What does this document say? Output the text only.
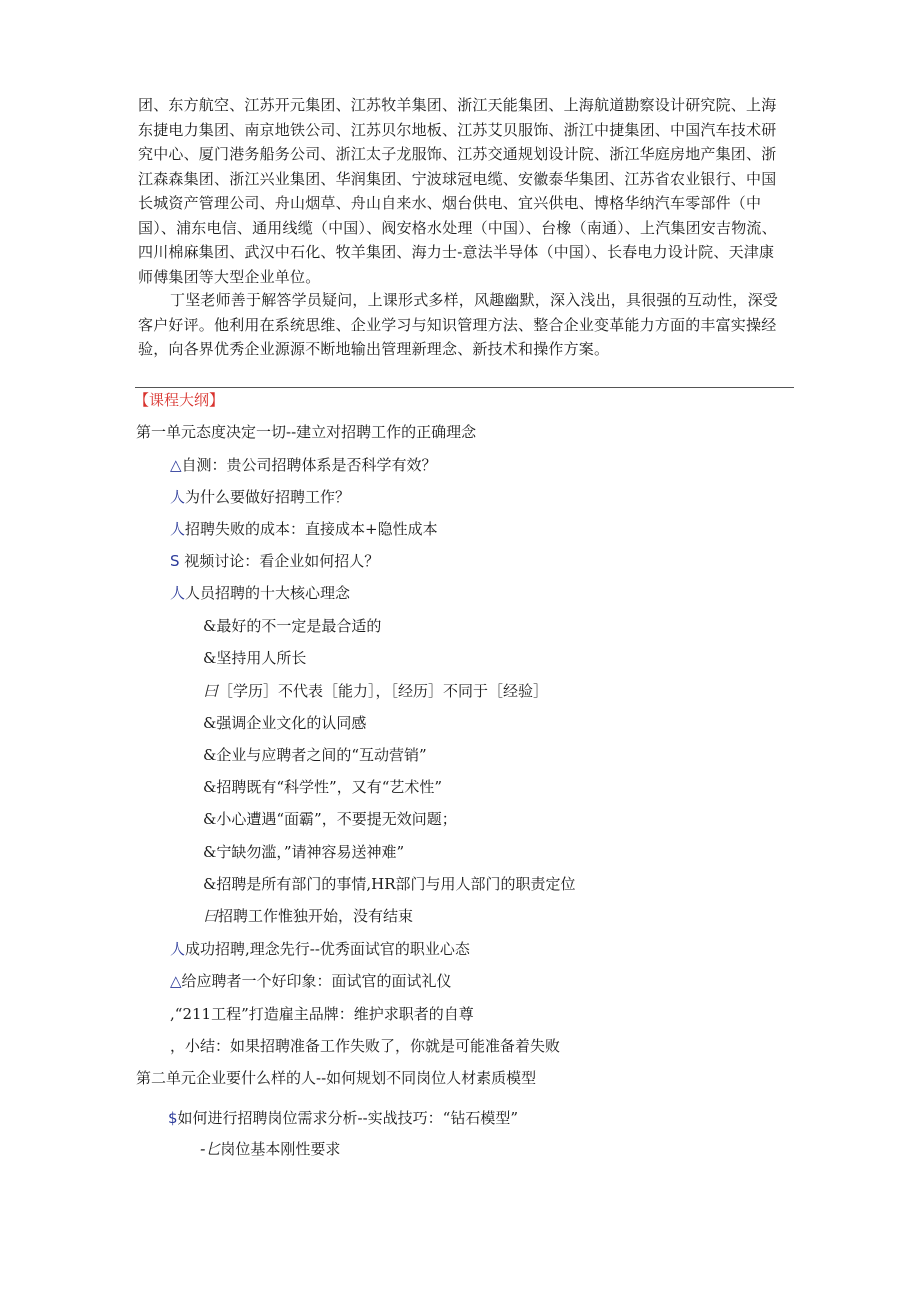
团、东方航空、江苏开元集团、江苏牧羊集团、浙江天能集团、上海航道勘察设计研究院、上海东捷电力集团、南京地铁公司、江苏贝尔地板、江苏艾贝服饰、浙江中捷集团、中国汽车技术研究中心、厦门港务船务公司、浙江太子龙服饰、江苏交通规划设计院、浙江华庭房地产集团、浙江森森集团、浙江兴业集团、华润集团、宁波球冠电缆、安徽泰华集团、江苏省农业银行、中国长城资产管理公司、舟山烟草、舟山自来水、烟台供电、宜兴供电、博格华纳汽车零部件（中国）、浦东电信、通用线缆（中国）、阀安格水处理（中国）、台橡（南通）、上汽集团安吉物流、四川棉麻集团、武汉中石化、牧羊集团、海力士-意法半导体（中国）、长春电力设计院、天津康师傅集团等大型企业单位。

丁坚老师善于解答学员疑问，上课形式多样，风趣幽默，深入浅出，具很强的互动性，深受客户好评。他利用在系统思维、企业学习与知识管理方法、整合企业变革能力方面的丰富实操经验，向各界优秀企业源源不断地输出管理新理念、新技术和操作方案。

【课程大纲】
第一单元态度决定一切--建立对招聘工作的正确理念
△自测：贵公司招聘体系是否科学有效？
人为什么要做好招聘工作？
人招聘失败的成本：直接成本+隐性成本
S 视频讨论：看企业如何招人？
人人员招聘的十大核心理念
&最好的不一定是最合适的
&坚持用人所长
曰［学历］不代表［能力］，［经历］不同于［经验］
&强调企业文化的认同感
&企业与应聘者之间的“互动营销”
&招聘既有“科学性”，又有“艺术性”
&小心遭遇“面霸”，不要提无效问题；
&宁缺勿滥，”请神容易送神难”
&招聘是所有部门的事情,HR部门与用人部门的职责定位
曰招聘工作惟独开始，没有结束
人成功招聘,理念先行--优秀面试官的职业心态
△给应聘者一个好印象：面试官的面试礼仪
,“211工程”打造雇主品牌：维护求职者的自尊
，小结：如果招聘准备工作失败了，你就是可能准备着失败
第二单元企业要什么样的人--如何规划不同岗位人材素质模型
$如何进行招聘岗位需求分析--实战技巧：“钻石模型”
-匕岗位基本刚性要求
